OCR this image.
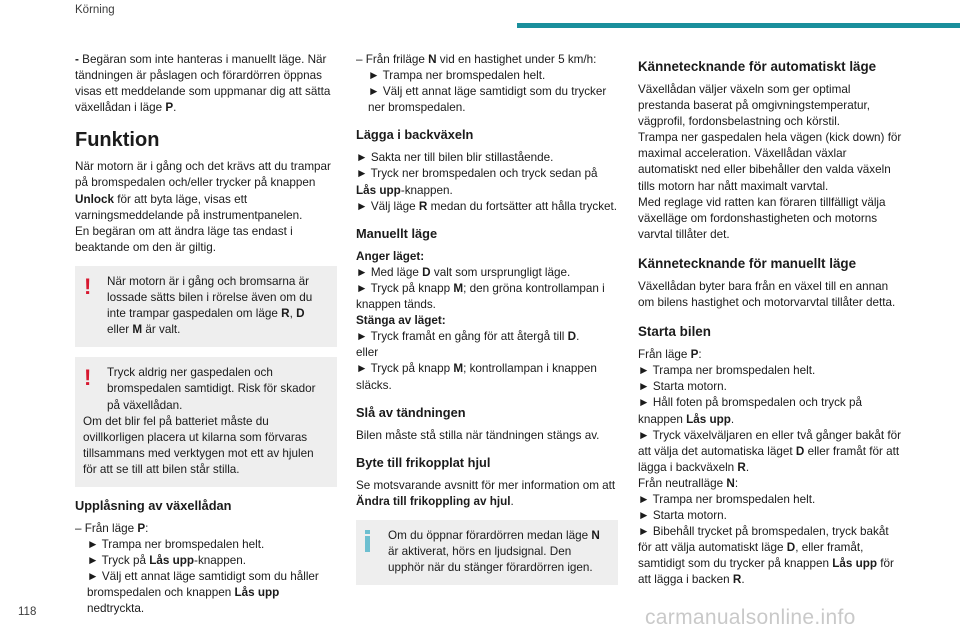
Körning

- Begäran som inte hanteras i manuellt läge. När tändningen är påslagen och förardörren öppnas visas ett meddelande som uppmanar dig att sätta växellådan i läge P.

Funktion

När motorn är i gång och det krävs att du trampar på bromspedalen och/eller trycker på knappen Unlock för att byta läge, visas ett varningsmeddelande på instrumentpanelen.

En begäran om att ändra läge tas endast i beaktande om den är giltig.

!	När motorn är i gång och bromsarna är lossade sätts bilen i rörelse även om du inte trampar gaspedalen om läge R, D eller M är valt.

!	Tryck aldrig ner gaspedalen och bromspedalen samtidigt. Risk för skador på växellådan.

Om det blir fel på batteriet måste du ovillkorligen placera ut kilarna som förvaras tillsammans med verktygen mot ett av hjulen för att se till att bilen står stilla.

Upplåsning av växellådan

– Från läge P:

► Trampa ner bromspedalen helt.

► Tryck på Lås upp-knappen.

► Välj ett annat läge samtidigt som du håller bromspedalen och knappen Lås upp nedtryckta.

– Från friläge N vid en hastighet under 5 km/h:

► Trampa ner bromspedalen helt.

► Välj ett annat läge samtidigt som du trycker ner bromspedalen.

Lägga i backväxeln

► Sakta ner till bilen blir stillastående.

► Tryck ner bromspedalen och tryck sedan på Lås upp-knappen.

► Välj läge R medan du fortsätter att hålla trycket.

Manuellt läge

Anger läget:

► Med läge D valt som ursprungligt läge.

► Tryck på knapp M; den gröna kontrollampan i knappen tänds.

Stänga av läget:

► Tryck framåt en gång för att återgå till D.

eller

► Tryck på knapp M; kontrollampan i knappen släcks.

Slå av tändningen

Bilen måste stå stilla när tändningen stängs av.

Byte till frikopplat hjul

Se motsvarande avsnitt för mer information om att Ändra till frikoppling av hjul.

Om du öppnar förardörren medan läge N är aktiverat, hörs en ljudsignal. Den upphör när du stänger förardörren igen.

Kännetecknande för automatiskt läge

Växellådan väljer växeln som ger optimal prestanda baserat på omgivningstemperatur, vägprofil, fordonsbelastning och körstil.

Trampa ner gaspedalen hela vägen (kick down) för maximal acceleration. Växellådan växlar automatiskt ned eller bibehåller den valda växeln tills motorn har nått maximalt varvtal.

Med reglage vid ratten kan föraren tillfälligt välja växelläge om fordonshastigheten och motorns varvtal tillåter det.

Kännetecknande för manuellt läge

Växellådan byter bara från en växel till en annan om bilens hastighet och motorvarvtal tillåter detta.

Starta bilen

Från läge P:

► Trampa ner bromspedalen helt.

► Starta motorn.

► Håll foten på bromspedalen och tryck på knappen Lås upp.

► Tryck växelväljaren en eller två gånger bakåt för att välja det automatiska läget D eller framåt för att lägga i backväxeln R.

Från neutralläge N:

► Trampa ner bromspedalen helt.

► Starta motorn.

► Bibehåll trycket på bromspedalen, tryck bakåt för att välja automatiskt läge D, eller framåt, samtidigt som du trycker på knappen Lås upp för att lägga i backen R.

118	carmanualsonline.info
